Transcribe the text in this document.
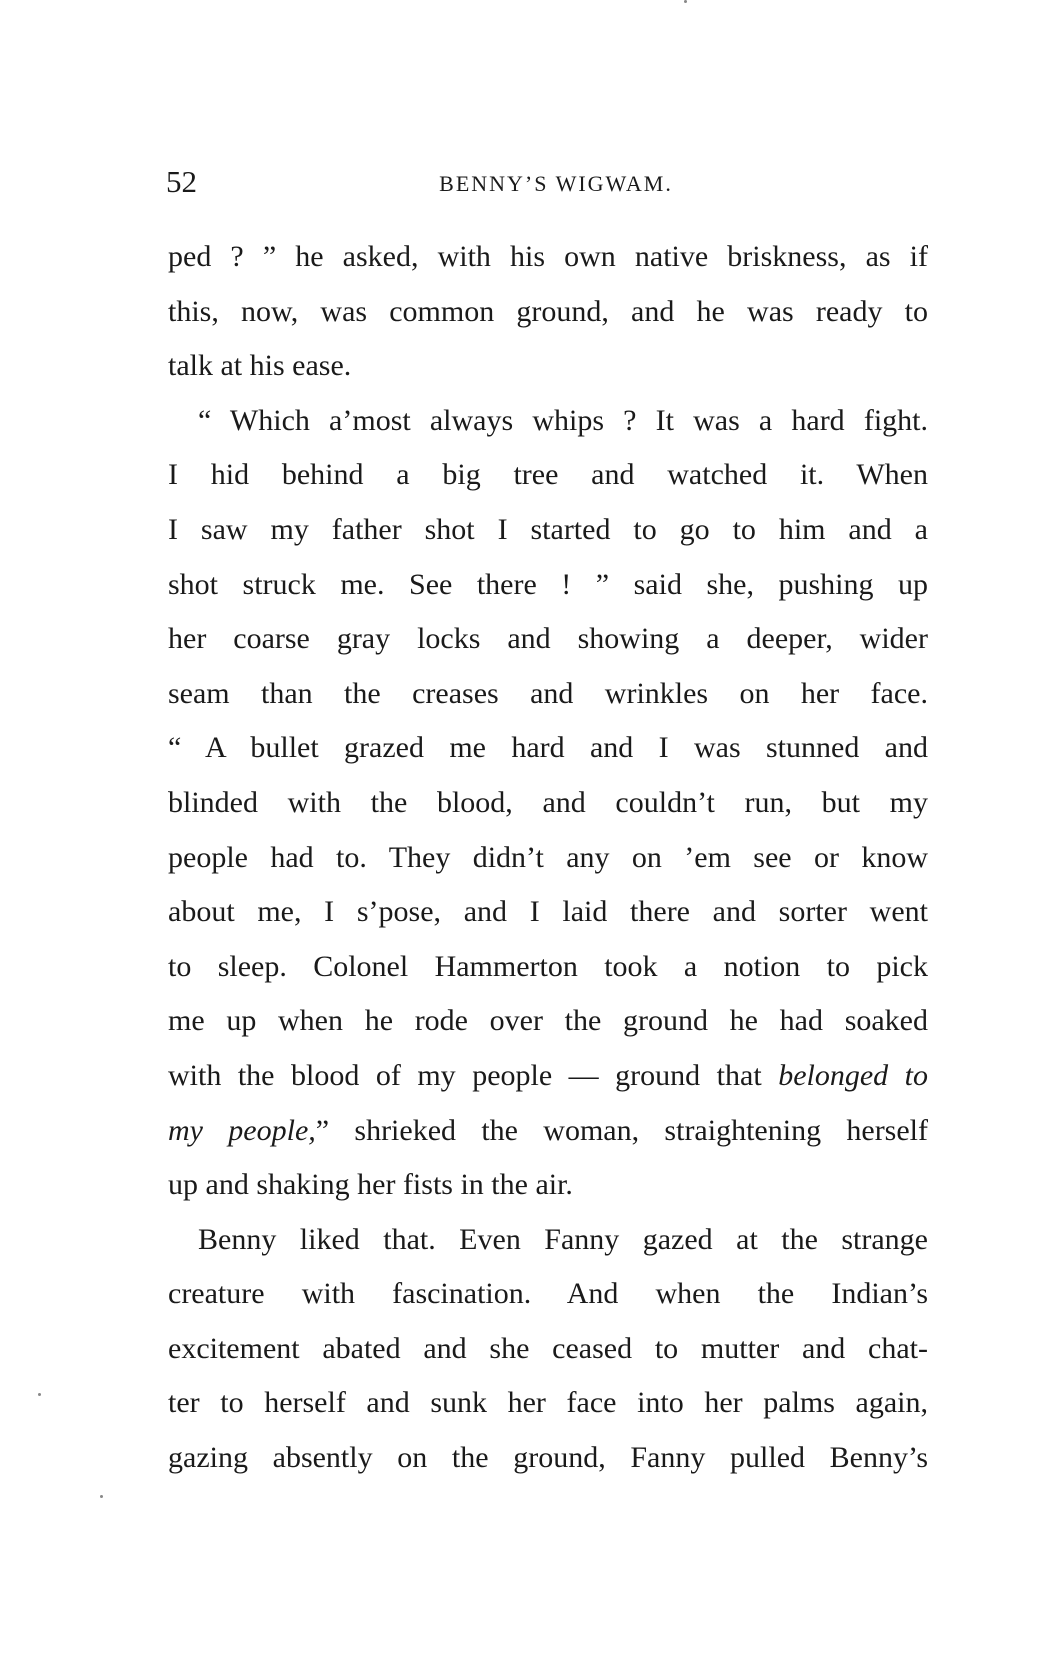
52	BENNY’S WIGWAM.
ped ? ” he asked, with his own native briskness, as if
this, now, was common ground, and he was ready to
talk at his ease.
“ Which a’most always whips ? It was a hard fight.
I hid behind a big tree and watched it. When
I saw my father shot I started to go to him and a
shot struck me. See there ! ” said she, pushing up
her coarse gray locks and showing a deeper, wider
seam than the creases and wrinkles on her face.
“ A bullet grazed me hard and I was stunned and
blinded with the blood, and couldn’t run, but my
people had to. They didn’t any on ’em see or know
about me, I s’pose, and I laid there and sorter went
to sleep. Colonel Hammerton took a notion to pick
me up when he rode over the ground he had soaked
with the blood of my people — ground that belonged to
my people,” shrieked the woman, straightening herself
up and shaking her fists in the air.
Benny liked that. Even Fanny gazed at the strange
creature with fascination. And when the Indian’s
excitement abated and she ceased to mutter and chat-
ter to herself and sunk her face into her palms again,
gazing absently on the ground, Fanny pulled Benny’s
